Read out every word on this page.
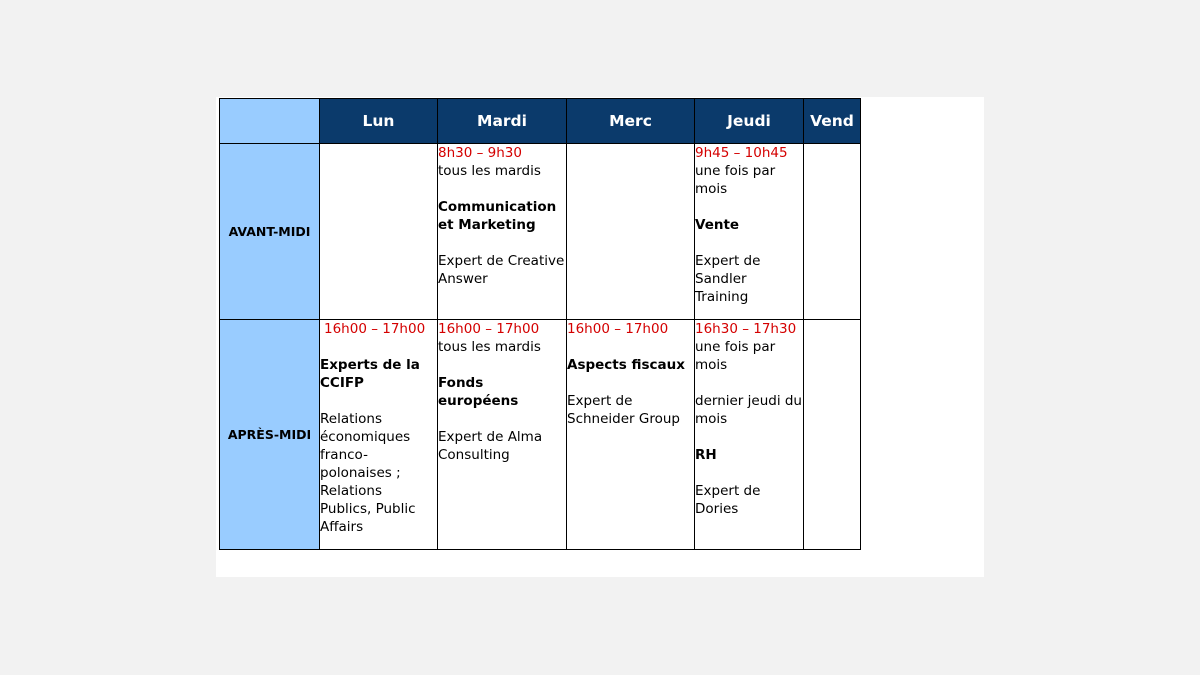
	Lun	Mardi	Merc	Jeudi	Vend
AVANT-MIDI		8h30 – 9h30
tous les mardis
Communication et Marketing
Expert de Creative Answer		9h45 – 10h45
une fois par mois
Vente
Expert de Sandler Training	

APRÈS-MIDI	16h00 – 17h00
Experts de la CCIFP
Relations économiques franco-polonaises ; Relations Publics, Public Affairs	16h00 – 17h00
tous les mardis
Fonds européens
Expert de Alma Consulting	16h00 – 17h00
Aspects fiscaux
Expert de Schneider Group	16h30 – 17h30
une fois par mois
dernier jeudi du mois
RH
Expert de Dories	
